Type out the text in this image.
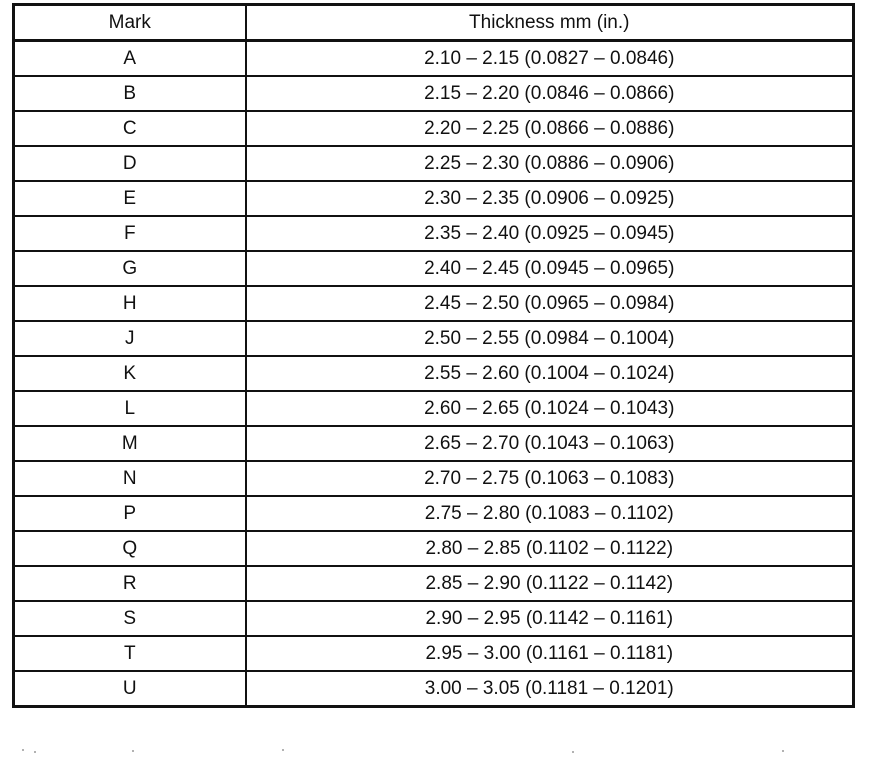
Mark	Thickness mm (in.)
A	2.10 – 2.15 (0.0827 – 0.0846)
B	2.15 – 2.20 (0.0846 – 0.0866)
C	2.20 – 2.25 (0.0866 – 0.0886)
D	2.25 – 2.30 (0.0886 – 0.0906)
E	2.30 – 2.35 (0.0906 – 0.0925)
F	2.35 – 2.40 (0.0925 – 0.0945)
G	2.40 – 2.45 (0.0945 – 0.0965)
H	2.45 – 2.50 (0.0965 – 0.0984)
J	2.50 – 2.55 (0.0984 – 0.1004)
K	2.55 – 2.60 (0.1004 – 0.1024)
L	2.60 – 2.65 (0.1024 – 0.1043)
M	2.65 – 2.70 (0.1043 – 0.1063)
N	2.70 – 2.75 (0.1063 – 0.1083)
P	2.75 – 2.80 (0.1083 – 0.1102)
Q	2.80 – 2.85 (0.1102 – 0.1122)
R	2.85 – 2.90 (0.1122 – 0.1142)
S	2.90 – 2.95 (0.1142 – 0.1161)
T	2.95 – 3.00 (0.1161 – 0.1181)
U	3.00 – 3.05 (0.1181 – 0.1201)
